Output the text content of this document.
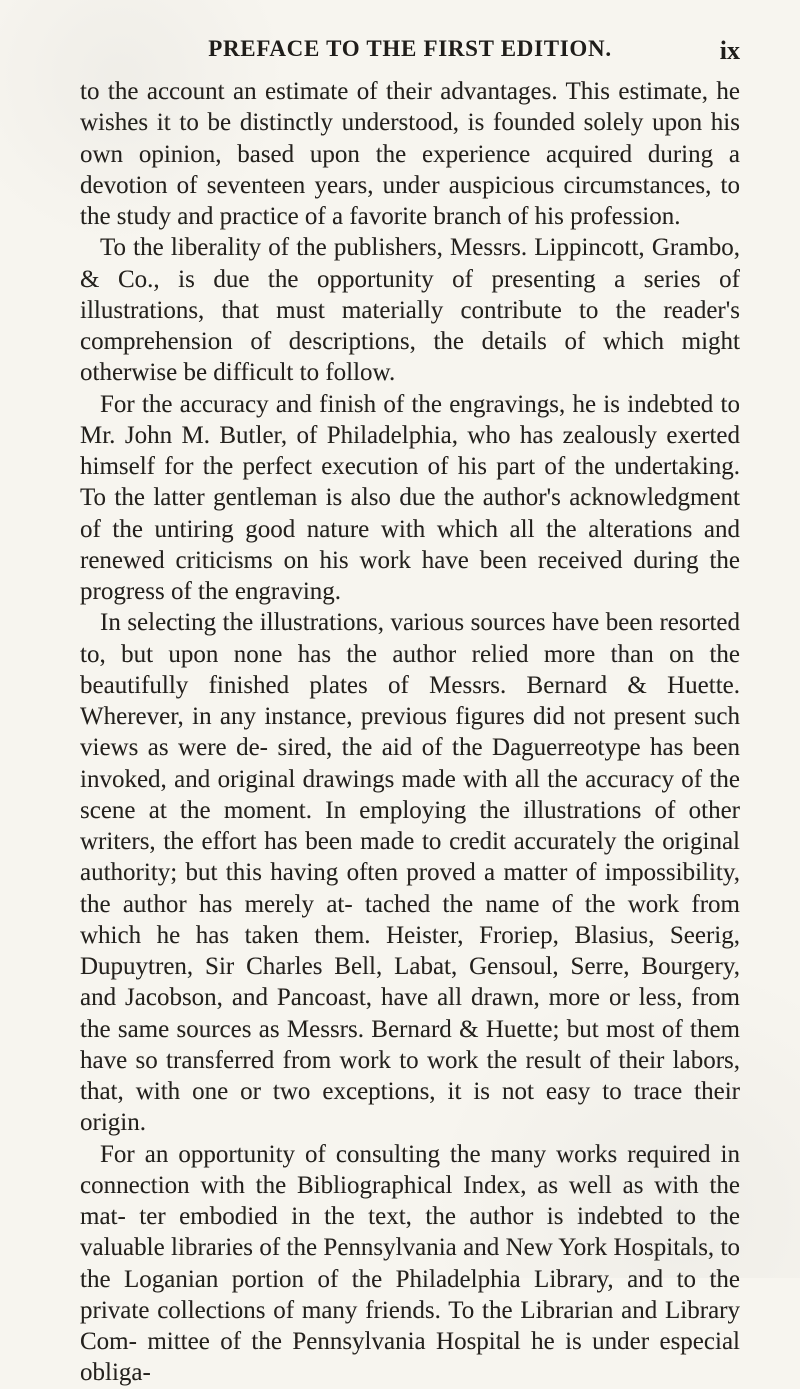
PREFACE TO THE FIRST EDITION.	ix

to the account an estimate of their advantages. This estimate, he wishes it to be distinctly understood, is founded solely upon his own opinion, based upon the experience acquired during a devotion of seventeen years, under auspicious circumstances, to the study and practice of a favorite branch of his profession.

To the liberality of the publishers, Messrs. Lippincott, Grambo, & Co., is due the opportunity of presenting a series of illustrations, that must materially contribute to the reader's comprehension of descriptions, the details of which might otherwise be difficult to follow.

For the accuracy and finish of the engravings, he is indebted to Mr. John M. Butler, of Philadelphia, who has zealously exerted himself for the perfect execution of his part of the undertaking. To the latter gentleman is also due the author's acknowledgment of the untiring good nature with which all the alterations and renewed criticisms on his work have been received during the progress of the engraving.

In selecting the illustrations, various sources have been resorted to, but upon none has the author relied more than on the beautifully finished plates of Messrs. Bernard & Huette. Wherever, in any instance, previous figures did not present such views as were de- sired, the aid of the Daguerreotype has been invoked, and original drawings made with all the accuracy of the scene at the moment. In employing the illustrations of other writers, the effort has been made to credit accurately the original authority; but this having often proved a matter of impossibility, the author has merely at- tached the name of the work from which he has taken them. Heister, Froriep, Blasius, Seerig, Dupuytren, Sir Charles Bell, Labat, Gensoul, Serre, Bourgery, and Jacobson, and Pancoast, have all drawn, more or less, from the same sources as Messrs. Bernard & Huette; but most of them have so transferred from work to work the result of their labors, that, with one or two exceptions, it is not easy to trace their origin.

For an opportunity of consulting the many works required in connection with the Bibliographical Index, as well as with the mat- ter embodied in the text, the author is indebted to the valuable libraries of the Pennsylvania and New York Hospitals, to the Loganian portion of the Philadelphia Library, and to the private collections of many friends. To the Librarian and Library Com- mittee of the Pennsylvania Hospital he is under especial obliga-
